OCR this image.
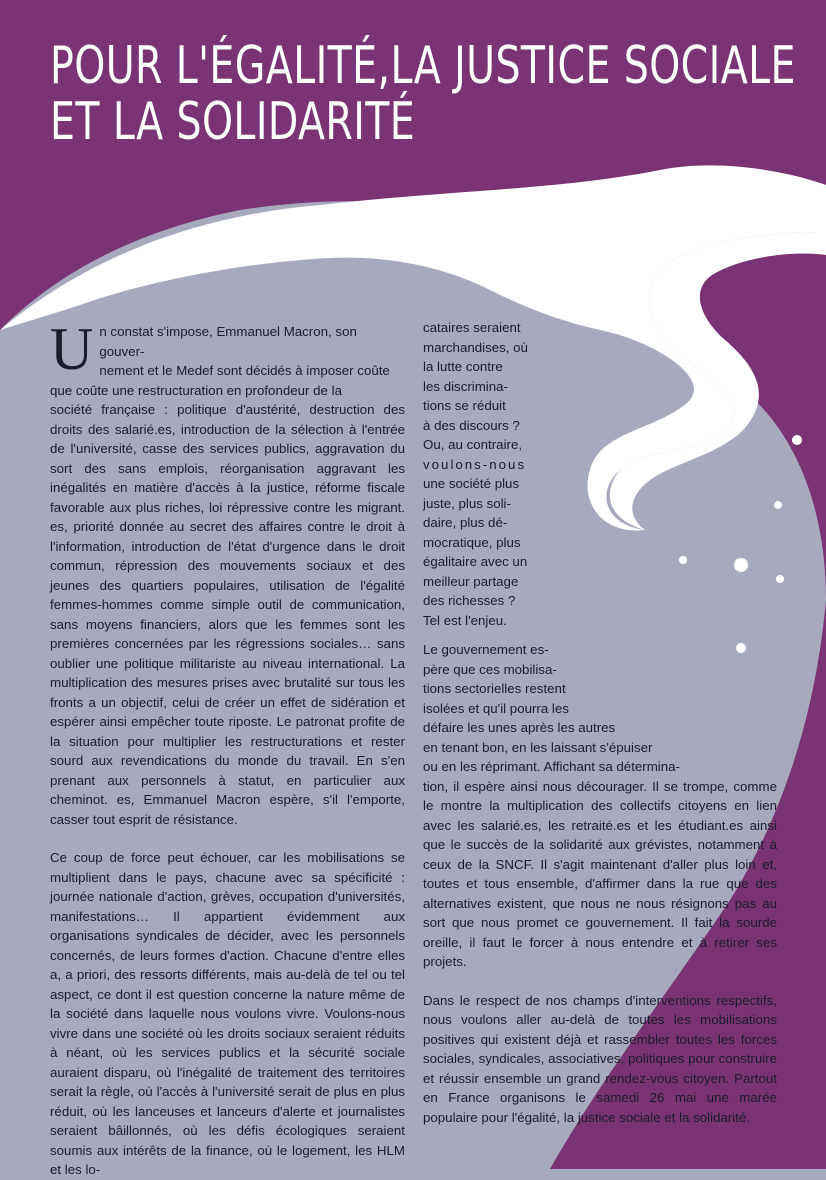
POUR L'ÉGALITÉ,LA JUSTICE SOCIALE
ET LA SOLIDARITÉ
U n constat s'impose, Emmanuel Macron, son gouver-
nement et le Medef sont décidés à imposer coûte
que coûte une restructuration en profondeur de la

société française : politique d'austérité, destruction des droits des salarié.es, introduction de la sélection à l'entrée de l'université, casse des services publics, aggravation du sort des sans emplois, réorganisation aggravant les inégalités en matière d'accès à la justice, réforme fiscale favorable aux plus riches, loi répressive contre les migrant. es, priorité donnée au secret des affaires contre le droit à l'information, introduction de l'état d'urgence dans le droit commun, répression des mouvements sociaux et des jeunes des quartiers populaires, utilisation de l'égalité femmes-hommes comme simple outil de communication, sans moyens financiers, alors que les femmes sont les premières concernées par les régressions sociales… sans oublier une politique militariste au niveau international. La multiplication des mesures prises avec brutalité sur tous les fronts a un objectif, celui de créer un effet de sidération et espérer ainsi empêcher toute riposte. Le patronat profite de la situation pour multiplier les restructurations et rester sourd aux revendications du monde du travail. En s'en prenant aux personnels à statut, en particulier aux cheminot. es, Emmanuel Macron espère, s'il l'emporte, casser tout esprit de résistance.

Ce coup de force peut échouer, car les mobilisations se multiplient dans le pays, chacune avec sa spécificité : journée nationale d'action, grèves, occupation d'universités, manifestations… Il appartient évidemment aux organisations syndicales de décider, avec les personnels concernés, de leurs formes d'action. Chacune d'entre elles a, a priori, des ressorts différents, mais au-delà de tel ou tel aspect, ce dont il est question concerne la nature même de la société dans laquelle nous voulons vivre. Voulons-nous vivre dans une société où les droits sociaux seraient réduits à néant, où les services publics et la sécurité sociale auraient disparu, où l'inégalité de traitement des territoires serait la règle, où l'accès à l'université serait de plus en plus réduit, où les lanceuses et lanceurs d'alerte et journalistes seraient bâillonnés, où les défis écologiques seraient soumis aux intérêts de la finance, où le logement, les HLM et les lo-

cataires seraient
marchandises, où
la lutte contre
les discrimina-
tions se réduit
à des discours ?
Ou, au contraire,
voulons-nous
une société plus
juste, plus soli-
daire, plus dé-
mocratique, plus
égalitaire avec un
meilleur partage
des richesses ?
Tel est l'enjeu.
Le gouvernement es-
père que ces mobilisa-
tions sectorielles restent
isolées et qu'il pourra les
défaire les unes après les autres
en tenant bon, en les laissant s'épuiser
ou en les réprimant. Affichant sa détermina-

tion, il espère ainsi nous décourager. Il se trompe, comme le montre la multiplication des collectifs citoyens en lien avec les salarié.es, les retraité.es et les étudiant.es ainsi que le succès de la solidarité aux grévistes, notamment à ceux de la SNCF. Il s'agit maintenant d'aller plus loin et, toutes et tous ensemble, d'affirmer dans la rue que des alternatives existent, que nous ne nous résignons pas au sort que nous promet ce gouvernement. Il fait la sourde oreille, il faut le forcer à nous entendre et à retirer ses projets.

Dans le respect de nos champs d'interventions respectifs, nous voulons aller au-delà de toutes les mobilisations positives qui existent déjà et rassembler toutes les forces sociales, syndicales, associatives, politiques pour construire et réussir ensemble un grand rendez-vous citoyen. Partout en France organisons le samedi 26 mai une marée populaire pour l'égalité, la justice sociale et la solidarité.
